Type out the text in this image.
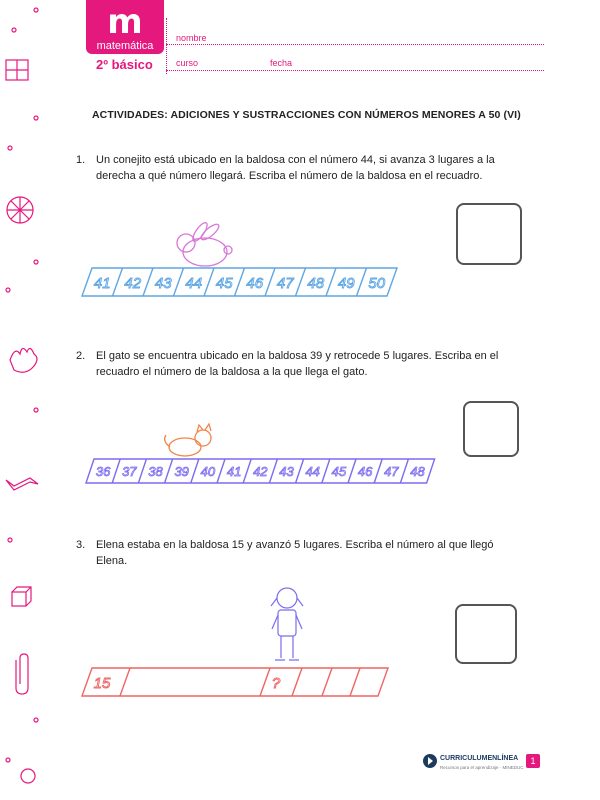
m
matemática
2º básico
nombre
curso	fecha
ACTIVIDADES: ADICIONES Y SUSTRACCIONES CON NÚMEROS MENORES A 50 (VI)
1. Un conejito está ubicado en la baldosa con el número 44, si avanza 3 lugares a la
derecha a qué número llegará. Escriba el número de la baldosa en el recuadro.
41 42 43 44 45 46 47 48 49 50
36 37 38 39 40 41 42 43 44 45 46 47 48
15	?
2. El gato se encuentra ubicado en la baldosa 39 y retrocede 5 lugares. Escriba en el
recuadro el número de la baldosa a la que llega el gato.
3. Elena estaba en la baldosa 15 y avanzó 5 lugares. Escriba el número al que llegó
Elena.
CURRICULUMENLÍNEA
Recursos para el aprendizaje · MINEDUC
1
